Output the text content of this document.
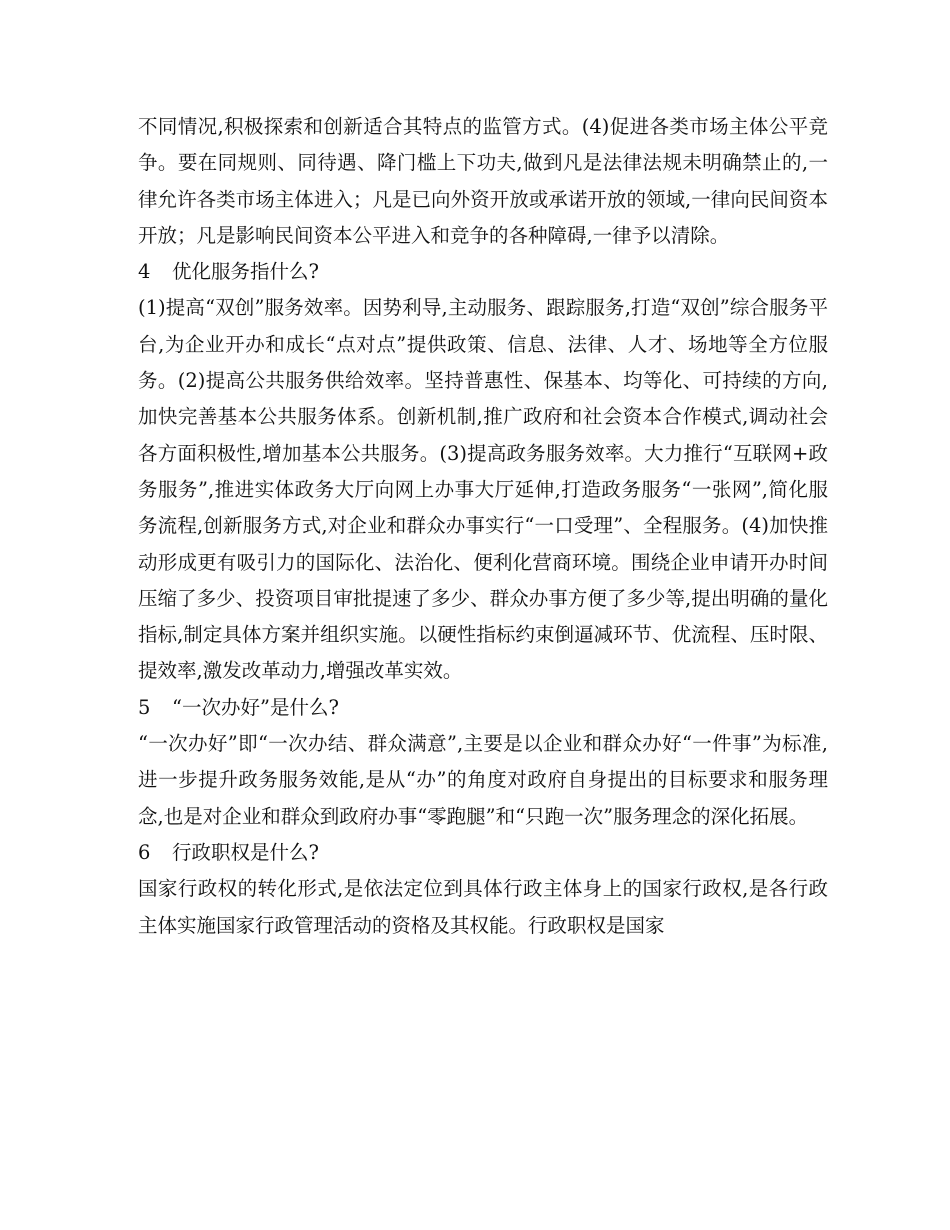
不同情况,积极探索和创新适合其特点的监管方式。(4)促进各类市场主体公平竞争。要在同规则、同待遇、降门槛上下功夫,做到凡是法律法规未明确禁止的,一律允许各类市场主体进入；凡是已向外资开放或承诺开放的领域,一律向民间资本开放；凡是影响民间资本公平进入和竞争的各种障碍,一律予以清除。

4 优化服务指什么?

(1)提高“双创”服务效率。因势利导,主动服务、跟踪服务,打造“双创”综合服务平台,为企业开办和成长“点对点”提供政策、信息、法律、人才、场地等全方位服务。(2)提高公共服务供给效率。坚持普惠性、保基本、均等化、可持续的方向,加快完善基本公共服务体系。创新机制,推广政府和社会资本合作模式,调动社会各方面积极性,增加基本公共服务。(3)提高政务服务效率。大力推行“互联网+政务服务”,推进实体政务大厅向网上办事大厅延伸,打造政务服务“一张网”,简化服务流程,创新服务方式,对企业和群众办事实行“一口受理”、全程服务。(4)加快推动形成更有吸引力的国际化、法治化、便利化营商环境。围绕企业申请开办时间压缩了多少、投资项目审批提速了多少、群众办事方便了多少等,提出明确的量化指标,制定具体方案并组织实施。以硬性指标约束倒逼减环节、优流程、压时限、提效率,激发改革动力,增强改革实效。

5 “一次办好”是什么?

“一次办好”即“一次办结、群众满意”,主要是以企业和群众办好“一件事”为标准,进一步提升政务服务效能,是从“办”的角度对政府自身提出的目标要求和服务理念,也是对企业和群众到政府办事“零跑腿”和“只跑一次”服务理念的深化拓展。

6 行政职权是什么?

国家行政权的转化形式,是依法定位到具体行政主体身上的国家行政权,是各行政主体实施国家行政管理活动的资格及其权能。行政职权是国家
